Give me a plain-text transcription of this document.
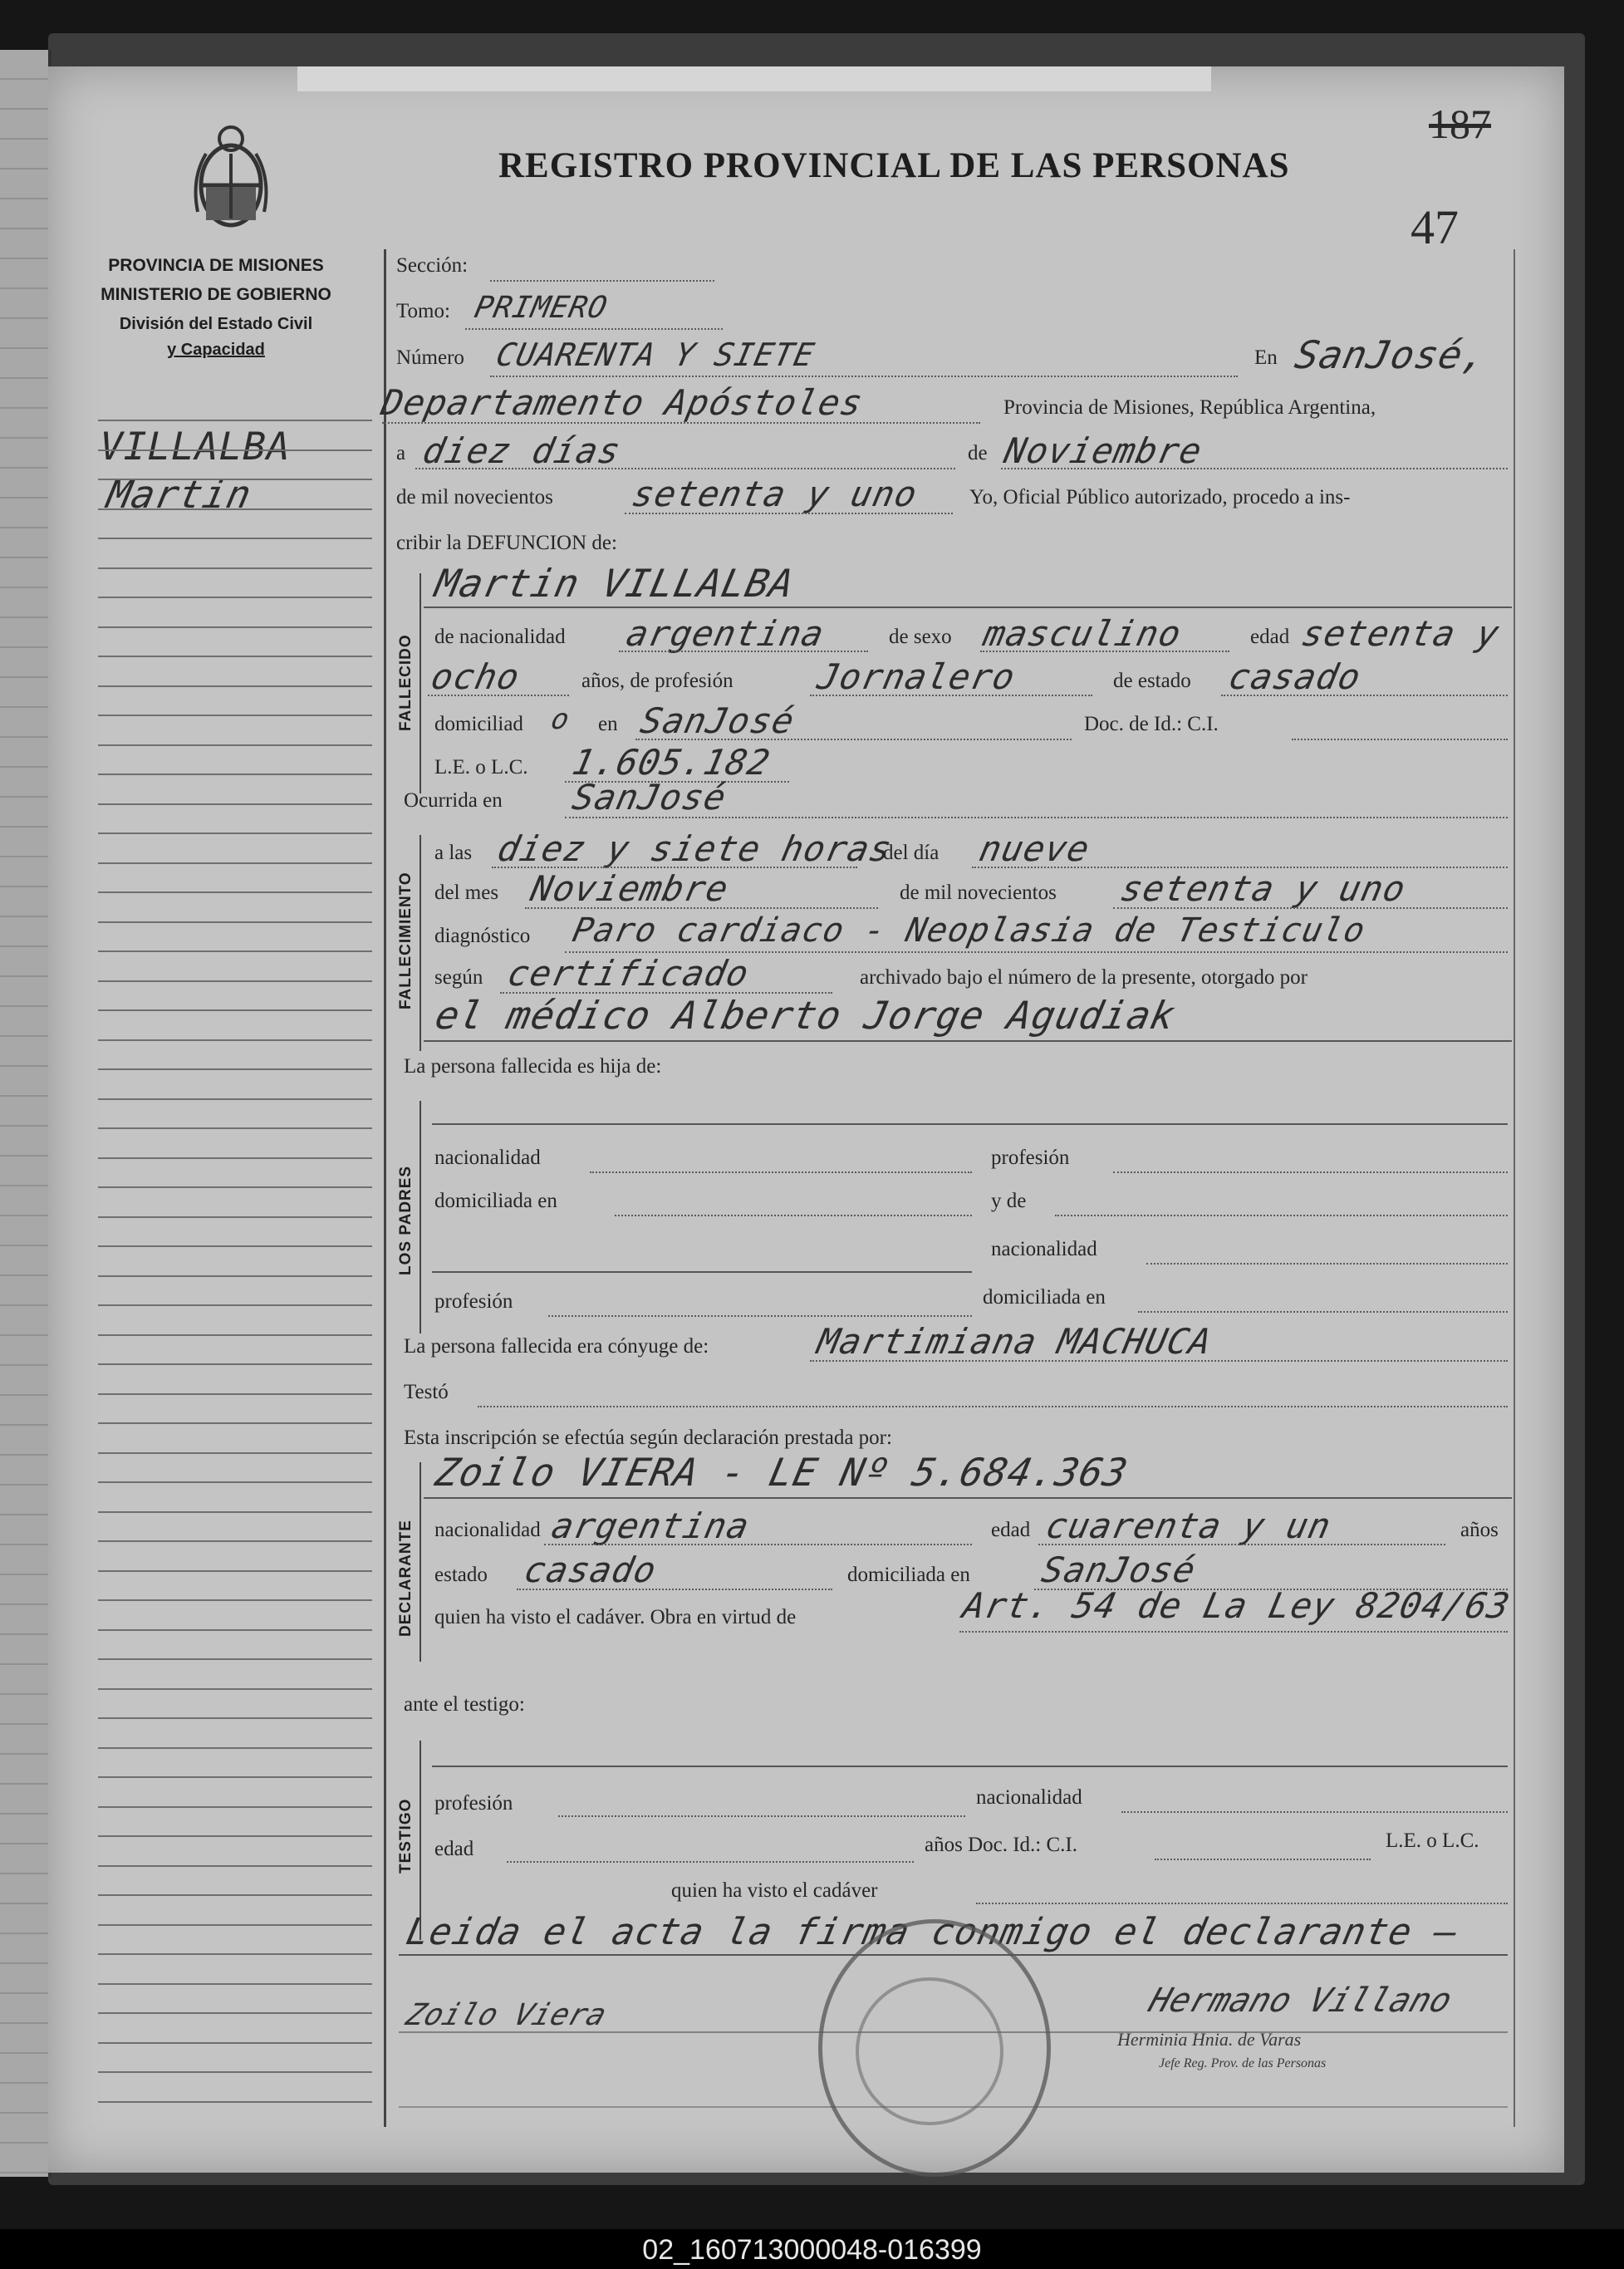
187
47
REGISTRO PROVINCIAL DE LAS PERSONAS
PROVINCIA DE MISIONES
MINISTERIO DE GOBIERNO
División del Estado Civil
y Capacidad
VILLALBA
Martin
Sección:
Tomo: PRIMERO
Número CUARENTA Y SIETE	En SanJosé,
Departamento Apóstoles	Provincia de Misiones, República Argentina,
a diez días	de Noviembre
de mil novecientos setenta y uno Yo, Oficial Público autorizado, procedo a ins-
cribir la DEFUNCION de:
FALLECIDO
Martin VILLALBA
de nacionalidad argentina	de sexo masculino	edad setenta y
ocho	años, de profesión Jornalero	de estado casado
domiciliad o en SanJosé	Doc. de Id.: C.I.
L.E. o L.C. 1.605.182
Ocurrida en SanJosé
FALLECIMIENTO
a las diez y siete horas
del día nueve
del mes Noviembre	de mil novecientos setenta y uno
diagnóstico Paro cardiaco - Neoplasia de Testiculo
según certificado	archivado bajo el número de la presente, otorgado por
el médico Alberto Jorge Agudiak
La persona fallecida es hija de:
LOS PADRES
nacionalidad	profesión
domiciliada en	y de
nacionalidad
profesión	domiciliada en
La persona fallecida era cónyuge de:	Martimiana MACHUCA
Testó
Esta inscripción se efectúa según declaración prestada por:
DECLARANTE
Zoilo VIERA - LE Nº 5.684.363
nacionalidad argentina	edad cuarenta y un	años
estado casado	domiciliada en SanJosé
quien ha visto el cadáver. Obra en virtud de	Art. 54 de La Ley 8204/63
ante el testigo:
TESTIGO profesión	nacionalidad
edad	años Doc. Id.: C.I.	L.E. o L.C.
quien ha visto el cadáver
Leida el acta la firma conmigo el declarante —
Zoilo Viera	Hermano Villano
Herminia Hnia. de Varas
Jefe Reg. Prov. de las Personas
02_160713000048-016399
